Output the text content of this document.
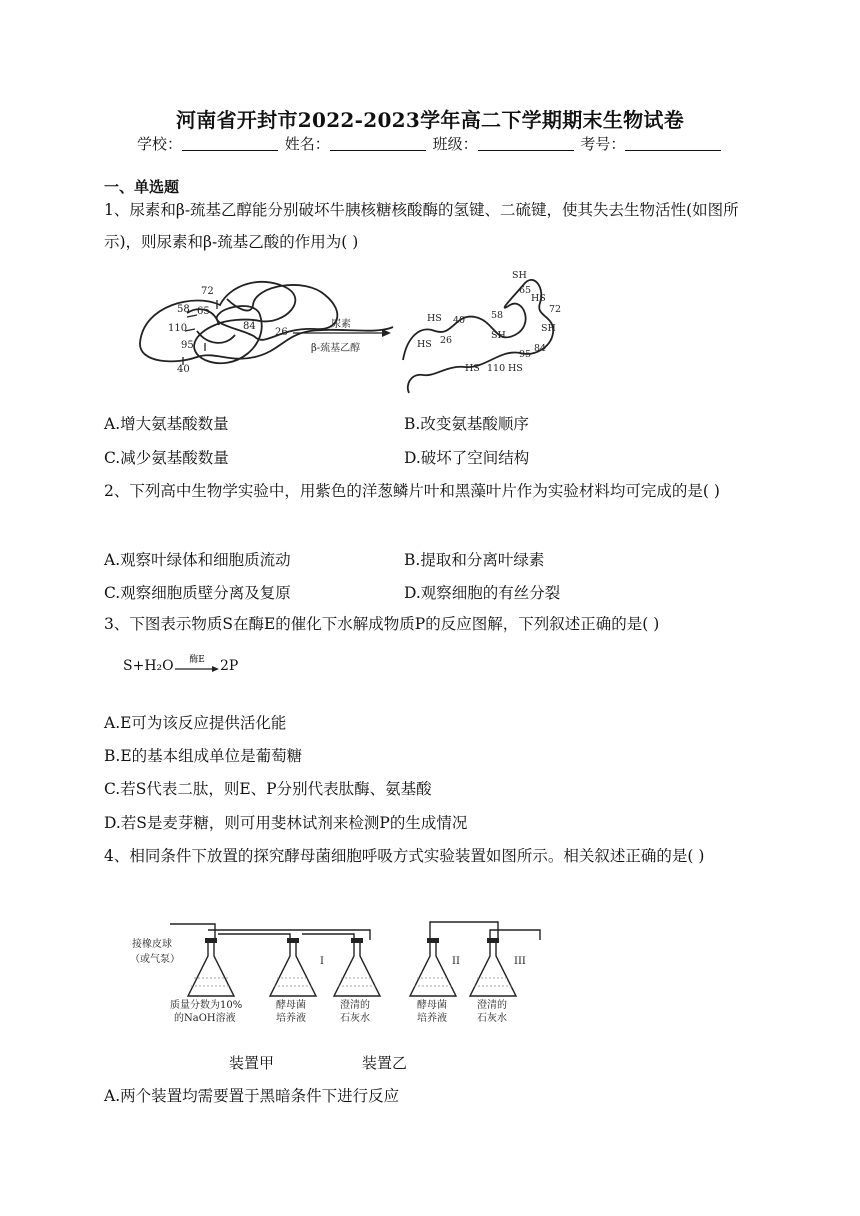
河南省开封市2022-2023学年高二下学期期末生物试卷
学校：	姓名：	班级：	考号：
一、单选题
1、尿素和β-巯基乙醇能分别破坏牛胰核糖核酸酶的氢键、二硫键，使其失去生物活性(如图所示)，则尿素和β-巯基乙酸的作用为( )
72
58 65
110	84
26
95
40
尿素
β-巯基乙醇
SH
65
HS
72
HS 40	58
SH
SH
HS 26
84
95
HS 110 HS
A.增大氨基酸数量	B.改变氨基酸顺序
C.减少氨基酸数量	D.破坏了空间结构
2、下列高中生物学实验中，用紫色的洋葱鳞片叶和黑藻叶片作为实验材料均可完成的是( )
A.观察叶绿体和细胞质流动	B.提取和分离叶绿素
C.观察细胞质壁分离及复原	D.观察细胞的有丝分裂
3、下图表示物质S在酶E的催化下水解成物质P的反应图解，下列叙述正确的是( )
S+H₂O	酶E	2P
A.E可为该反应提供活化能
B.E的基本组成单位是葡萄糖
C.若S代表二肽，则E、P分别代表肽酶、氨基酸
D.若S是麦芽糖，则可用斐林试剂来检测P的生成情况
4、相同条件下放置的探究酵母菌细胞呼吸方式实验装置如图所示。相关叙述正确的是( )
接橡皮球
（或气泵）	I	II	III
质量分数为10%
的NaOH溶液
酵母菌
培养液
澄清的
石灰水
酵母菌
培养液
澄清的
石灰水
装置甲	装置乙
A.两个装置均需要置于黑暗条件下进行反应
